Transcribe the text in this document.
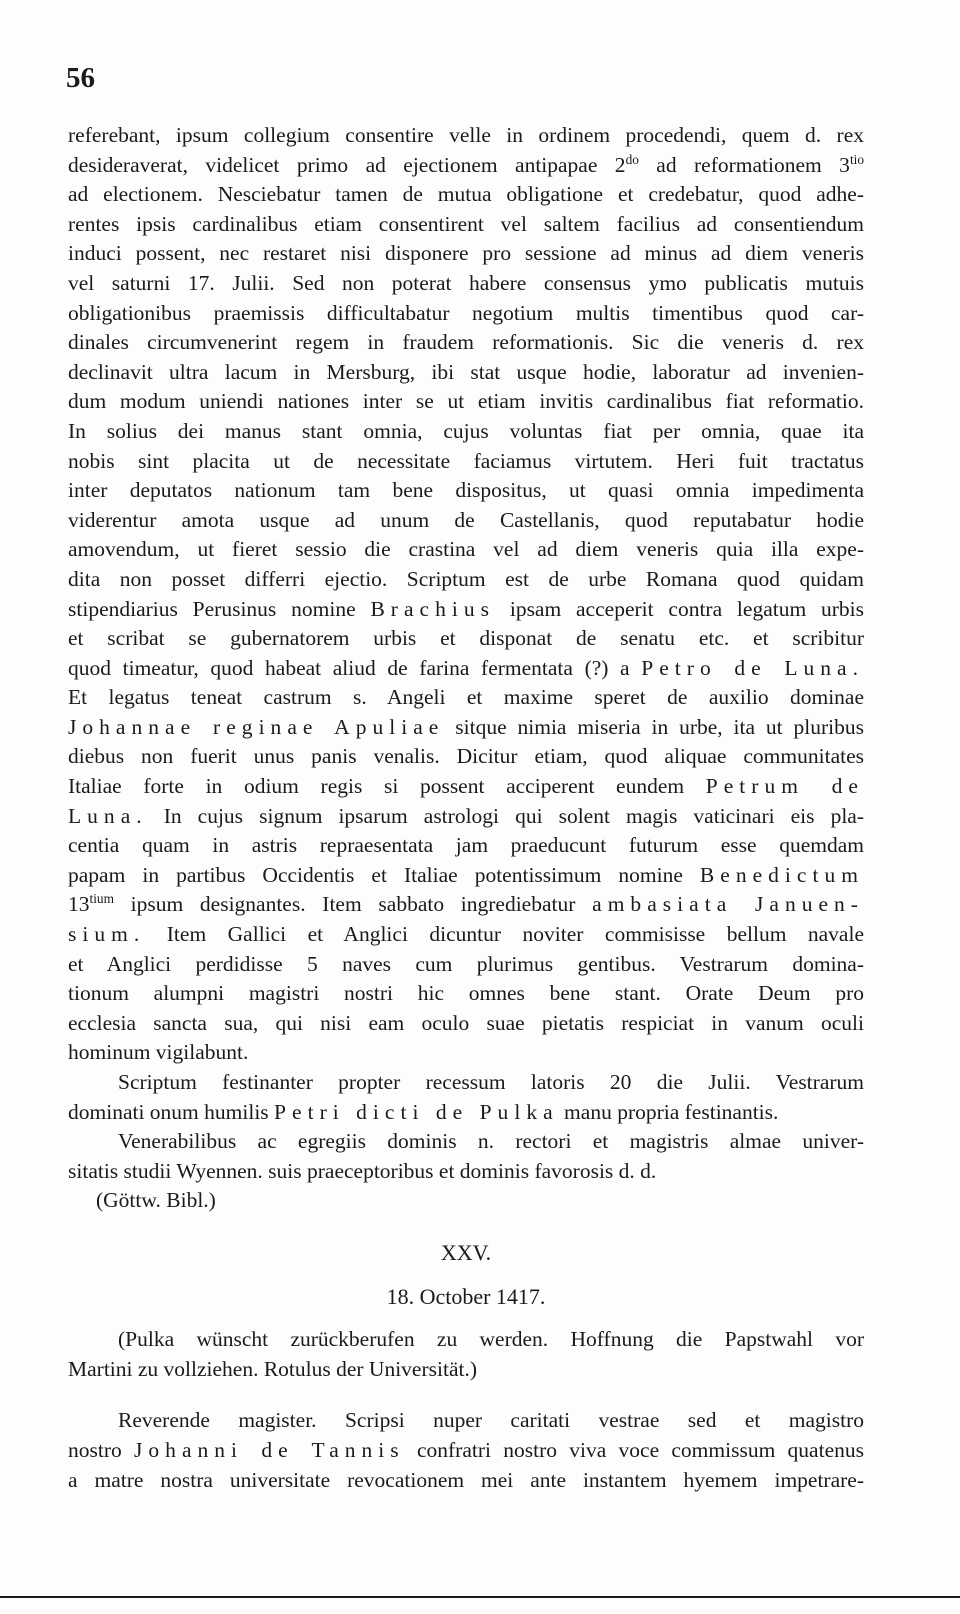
56
referebant, ipsum collegium consentire velle in ordinem procedendi, quem d. rex
desideraverat, videlicet primo ad ejectionem antipapae $2^{do}$ ad reformationem $3^{tio}$
ad electionem. Nesciebatur tamen de mutua obligatione et credebatur, quod adhe-
rentes ipsis cardinalibus etiam consentirent vel saltem facilius ad consentiendum
induci possent, nec restaret nisi disponere pro sessione ad minus ad diem veneris
vel saturni 17. Julii. Sed non poterat habere consensus ymo publicatis mutuis
obligationibus praemissis difficultabatur negotium multis timentibus quod car-
dinales circumvenerint regem in fraudem reformationis. Sic die veneris d. rex
declinavit ultra lacum in Mersburg, ibi stat usque hodie, laboratur ad invenien-
dum modum uniendi nationes inter se ut etiam invitis cardinalibus fiat reformatio.
In solius dei manus stant omnia, cujus voluntas fiat per omnia, quae ita
nobis sint placita ut de necessitate faciamus virtutem. Heri fuit tractatus
inter deputatos nationum tam bene dispositus, ut quasi omnia impedimenta
viderentur amota usque ad unum de Castellanis, quod reputabatur hodie
amovendum, ut fieret sessio die crastina vel ad diem veneris quia illa expe-
dita non posset differri ejectio. Scriptum est de urbe Romana quod quidam
stipendiarius Perusinus nomine Brachius ipsam acceperit contra legatum urbis
et scribat se gubernatorem urbis et disponat de senatu etc. et scribitur
quod timeatur, quod habeat aliud de farina fermentata (?) a Petro de Luna.
Et legatus teneat castrum s. Angeli et maxime speret de auxilio dominae
Johannae reginae Apuliae sitque nimia miseria in urbe, ita ut pluribus
diebus non fuerit unus panis venalis. Dicitur etiam, quod aliquae communitates
Italiae forte in odium regis si possent acciperent eundem Petrum de
Luna. In cujus signum ipsarum astrologi qui solent magis vaticinari eis pla-
centia quam in astris repraesentata jam praeducunt futurum esse quemdam
papam in partibus Occidentis et Italiae potentissimum nomine Benedictum
$13^{tium}$ ipsum designantes. Item sabbato ingrediebatur ambasiata Januen-
sium. Item Gallici et Anglici dicuntur noviter commisisse bellum navale
et Anglici perdidisse 5 naves cum plurimus gentibus. Vestrarum domina-
tionum alumpni magistri nostri hic omnes bene stant. Orate Deum pro
ecclesia sancta sua, qui nisi eam oculo suae pietatis respiciat in vanum oculi
hominum vigilabunt.
Scriptum festinanter propter recessum latoris 20 die Julii. Vestrarum
dominati onum humilis Petri dicti de Pulka manu propria festinantis.
Venerabilibus ac egregiis dominis n. rectori et magistris almae univer-
sitatis studii Wyennen. suis praeceptoribus et dominis favorosis d. d.
(Göttw. Bibl.)
XXV.
18. October 1417.
(Pulka wünscht zurückberufen zu werden. Hoffnung die Papstwahl vor
Martini zu vollziehen. Rotulus der Universität.)
Reverende magister. Scripsi nuper caritati vestrae sed et magistro
nostro Johanni de Tannis confratri nostro viva voce commissum quatenus
a matre nostra universitate revocationem mei ante instantem hyemem impetrare-
